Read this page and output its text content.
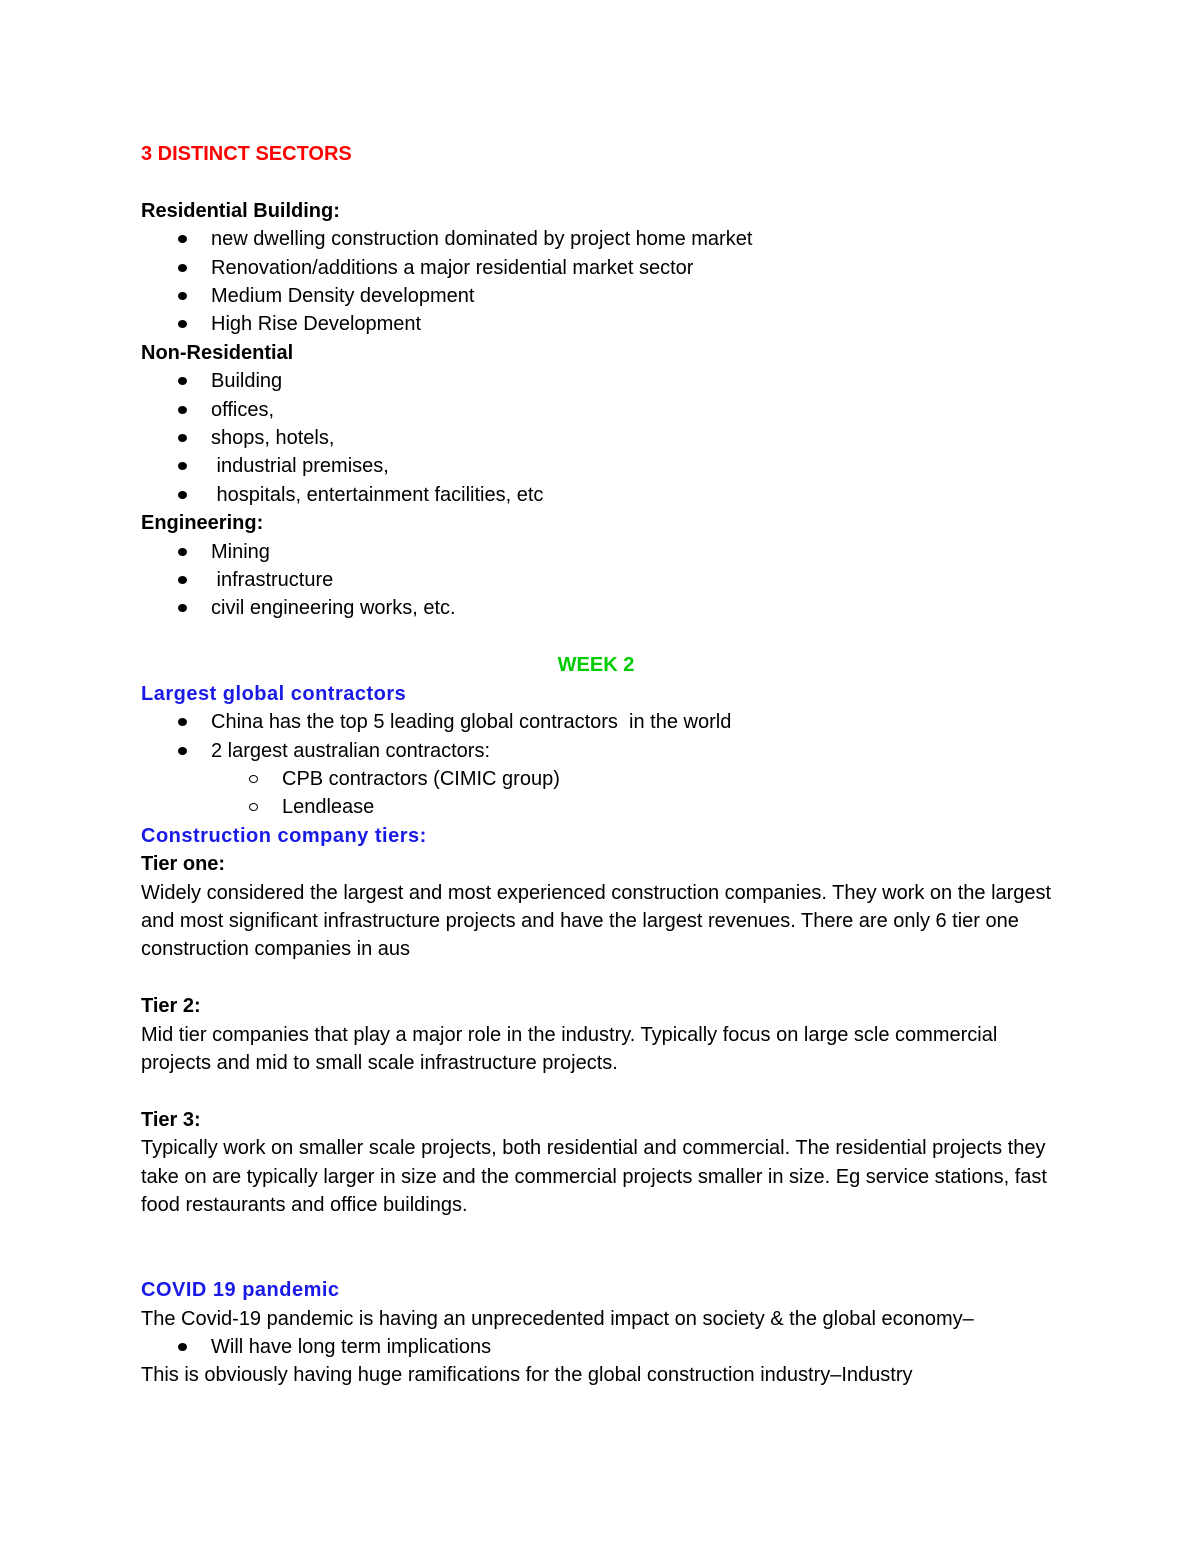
3 DISTINCT SECTORS

Residential Building:

new dwelling construction dominated by project home market
Renovation/additions a major residential market sector
Medium Density development
High Rise Development

Non-Residential

Building
offices,
shops, hotels,
industrial premises,
hospitals, entertainment facilities, etc

Engineering:

Mining
infrastructure
civil engineering works, etc.

WEEK 2

Largest global contractors

China has the top 5 leading global contractors  in the world
2 largest australian contractors:
CPB contractors (CIMIC group)
Lendlease

Construction company tiers:

Tier one:

Widely considered the largest and most experienced construction companies. They work on the largest and most significant infrastructure projects and have the largest revenues. There are only 6 tier one construction companies in aus

Tier 2:

Mid tier companies that play a major role in the industry. Typically focus on large scle commercial projects and mid to small scale infrastructure projects.

Tier 3:

Typically work on smaller scale projects, both residential and commercial. The residential projects they take on are typically larger in size and the commercial projects smaller in size. Eg service stations, fast food restaurants and office buildings.

COVID 19 pandemic

The Covid-19 pandemic is having an unprecedented impact on society & the global economy–

Will have long term implications

This is obviously having huge ramifications for the global construction industry–Industry
